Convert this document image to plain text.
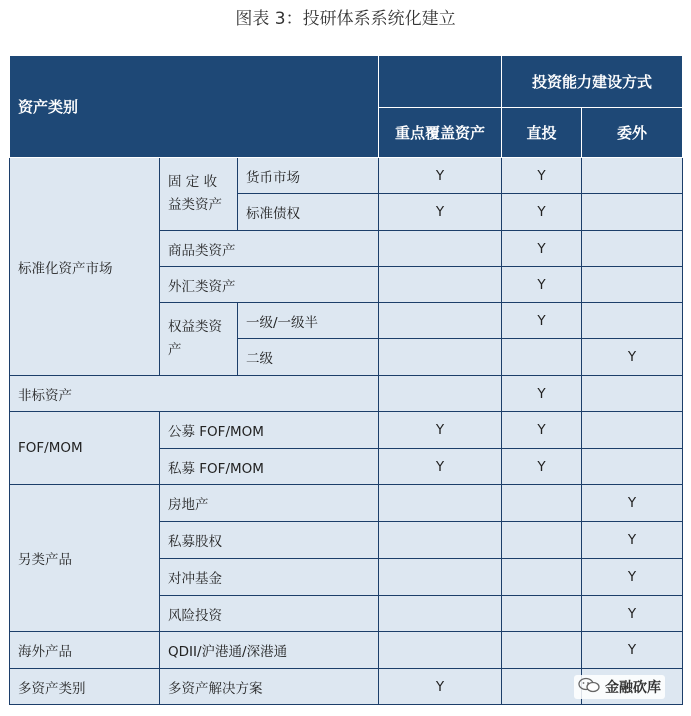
图表 3：投研体系系统化建立
资产类别				投资能力建设方式	
			重点覆盖资产	直投	委外
标准化资产市场	固 定 收 益类资产	货币市场	Y	Y	
		标准债权	Y	Y	
	商品类资产			Y	
	外汇类资产			Y	
	权益类资产	一级/一级半		Y	
		二级			Y
非标资产				Y	
FOF/MOM	公募 FOF/MOM		Y	Y	
	私募 FOF/MOM		Y	Y	
另类产品	房地产				Y
	私募股权				Y
	对冲基金				Y
	风险投资				Y
海外产品	QDII/沪港通/深港通				Y
多资产类别	多资产解决方案		Y			金融砍库
